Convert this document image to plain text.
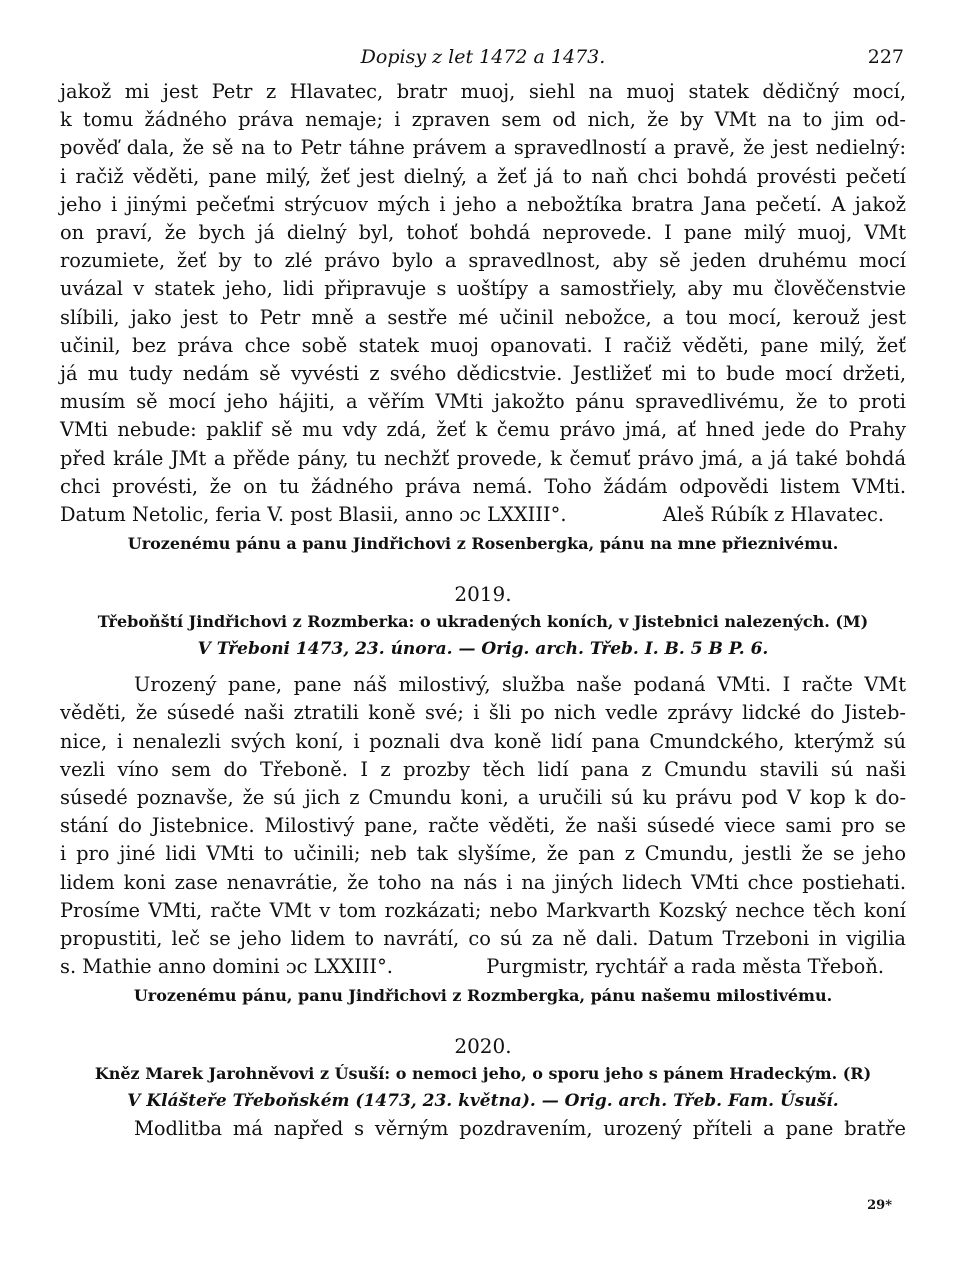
Dopisy z let 1472 a 1473.	227
jakož mi jest Petr z Hlavatec, bratr muoj, siehl na muoj statek dědičný mocí,
k tomu žádného práva nemaje; i zpraven sem od nich, že by VMt na to jim od-
pověď dala, že sě na to Petr táhne právem a spravedlností a pravě, že jest nedielný:
i račiž věděti, pane milý, žeť jest dielný, a žeť já to naň chci bohdá provésti pečetí
jeho i jinými pečeťmi strýcuov mých i jeho a nebožtíka bratra Jana pečetí. A jakož
on praví, že bych já dielný byl, tohoť bohdá neprovede. I pane milý muoj, VMt
rozumiete, žeť by to zlé právo bylo a spravedlnost, aby sě jeden druhému mocí
uvázal v statek jeho, lidi připravuje s uoštípy a samostřiely, aby mu člověčenstvie
slíbili, jako jest to Petr mně a sestře mé učinil nebožce, a tou mocí, kerouž jest
učinil, bez práva chce sobě statek muoj opanovati. I račiž věděti, pane milý, žeť
já mu tudy nedám sě vyvésti z svého dědicstvie. Jestližeť mi to bude mocí držeti,
musím sě mocí jeho hájiti, a věřím VMti jakožto pánu spravedlivému, že to proti
VMti nebude: paklif sě mu vdy zdá, žeť k čemu právo jmá, ať hned jede do Prahy
před krále JMt a přěde pány, tu nechžť provede, k čemuť právo jmá, a já také bohdá
chci provésti, že on tu žádného práva nemá. Toho žádám odpovědi listem VMti.
Datum Netolic, feria V. post Blasii, anno ɔc LXXIII°.	Aleš Rúbík z Hlavatec.

Urozenému pánu a panu Jindřichovi z Rosenbergka, pánu na mne přieznivému.

2019.

Třeboňští Jindřichovi z Rozmberka: o ukradených koních, v Jistebnici nalezených. (M)

V Třeboni 1473, 23. února. — Orig. arch. Třeb. I. B. 5 B P. 6.

Urozený pane, pane náš milostivý, služba naše podaná VMti. I račte VMt
věděti, že súsedé naši ztratili koně své; i šli po nich vedle zprávy lidcké do Jisteb-
nice, i nenalezli svých koní, i poznali dva koně lidí pana Cmundckého, kterýmž sú
vezli víno sem do Třeboně. I z prozby těch lidí pana z Cmundu stavili sú naši
súsedé poznavše, že sú jich z Cmundu koni, a uručili sú ku právu pod V kop k do-
stání do Jistebnice. Milostivý pane, račte věděti, že naši súsedé viece sami pro se
i pro jiné lidi VMti to učinili; neb tak slyšíme, že pan z Cmundu, jestli že se jeho
lidem koni zase nenavrátie, že toho na nás i na jiných lidech VMti chce postiehati.
Prosíme VMti, račte VMt v tom rozkázati; nebo Markvarth Kozský nechce těch koní
propustiti, leč se jeho lidem to navrátí, co sú za ně dali. Datum Trzeboni in vigilia
s. Mathie anno domini ɔc LXXIII°.	Purgmistr, rychtář a rada města Třeboň.

Urozenému pánu, panu Jindřichovi z Rozmbergka, pánu našemu milostivému.

2020.

Kněz Marek Jarohněvovi z Úsuší: o nemoci jeho, o sporu jeho s pánem Hradeckým. (R)

V Klášteře Třeboňském (1473, 23. května). — Orig. arch. Třeb. Fam. Úsuší.

Modlitba má napřed s věrným pozdravením, urozený příteli a pane bratře
29*
